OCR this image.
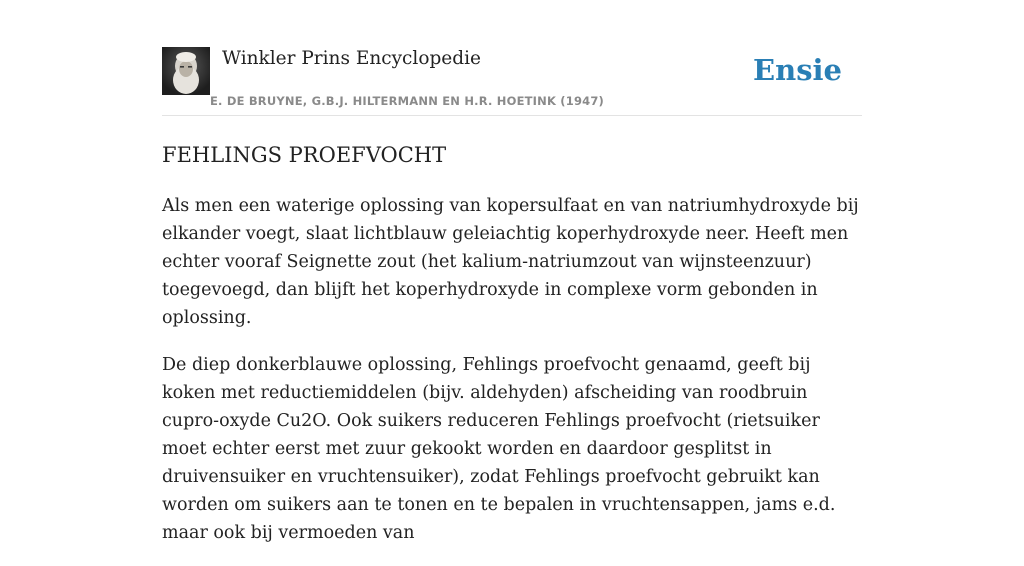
Winkler Prins Encyclopedie
E. DE BRUYNE, G.B.J. HILTERMANN EN H.R. HOETINK (1947)
Ensie
FEHLINGS PROEFVOCHT

Als men een waterige oplossing van kopersulfaat en van natriumhydroxyde bij elkander voegt, slaat lichtblauw geleiachtig koperhydroxyde neer. Heeft men echter vooraf Seignette zout (het kalium-natriumzout van wijnsteenzuur) toegevoegd, dan blijft het koperhydroxyde in complexe vorm gebonden in oplossing.

De diep donkerblauwe oplossing, Fehlings proefvocht genaamd, geeft bij koken met reductiemiddelen (bijv. aldehyden) afscheiding van roodbruin cupro-oxyde Cu2O. Ook suikers reduceren Fehlings proefvocht (rietsuiker moet echter eerst met zuur gekookt worden en daardoor gesplitst in druivensuiker en vruchtensuiker), zodat Fehlings proefvocht gebruikt kan worden om suikers aan te tonen en te bepalen in vruchtensappen, jams e.d. maar ook bij vermoeden van
